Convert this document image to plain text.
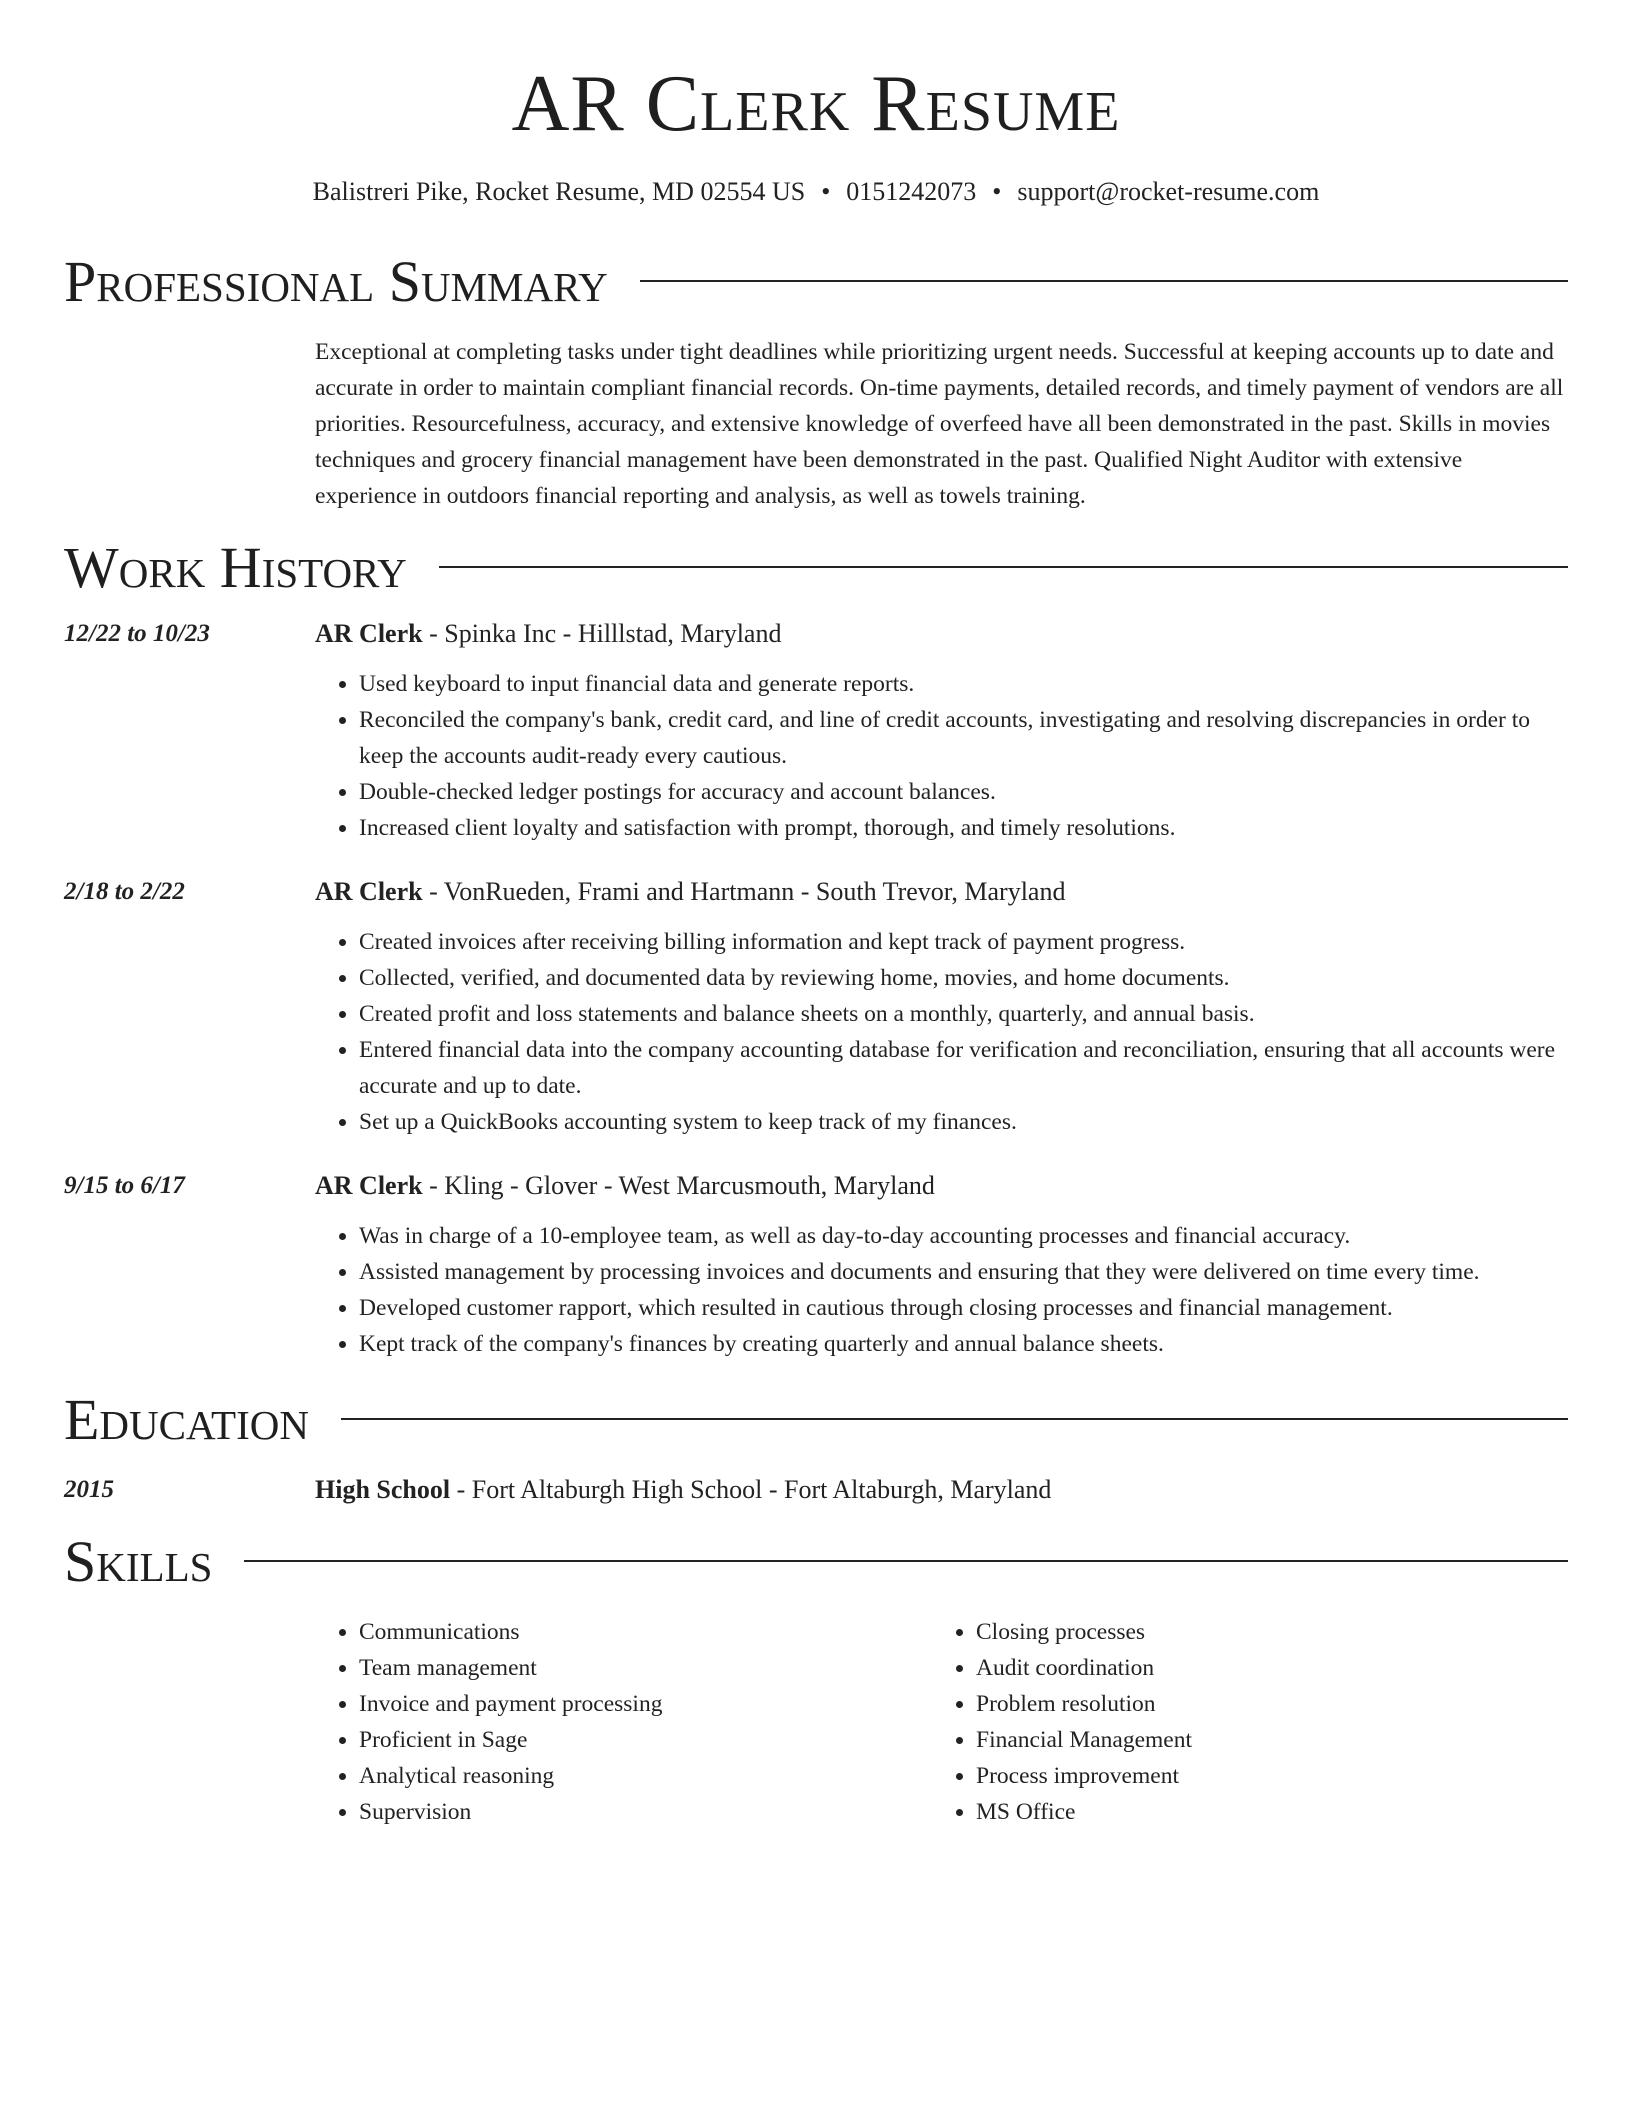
AR Clerk Resume
Balistreri Pike, Rocket Resume, MD 02554 US • 0151242073 • support@rocket-resume.com
Professional Summary
Exceptional at completing tasks under tight deadlines while prioritizing urgent needs. Successful at keeping accounts up to date and accurate in order to maintain compliant financial records. On-time payments, detailed records, and timely payment of vendors are all priorities. Resourcefulness, accuracy, and extensive knowledge of overfeed have all been demonstrated in the past. Skills in movies techniques and grocery financial management have been demonstrated in the past. Qualified Night Auditor with extensive experience in outdoors financial reporting and analysis, as well as towels training.
Work History
12/22 to 10/23	AR Clerk - Spinka Inc - Hilllstad, Maryland
• Used keyboard to input financial data and generate reports.
• Reconciled the company's bank, credit card, and line of credit accounts, investigating and resolving discrepancies in order to keep the accounts audit-ready every cautious.
• Double-checked ledger postings for accuracy and account balances.
• Increased client loyalty and satisfaction with prompt, thorough, and timely resolutions.
2/18 to 2/22	AR Clerk - VonRueden, Frami and Hartmann - South Trevor, Maryland
• Created invoices after receiving billing information and kept track of payment progress.
• Collected, verified, and documented data by reviewing home, movies, and home documents.
• Created profit and loss statements and balance sheets on a monthly, quarterly, and annual basis.
• Entered financial data into the company accounting database for verification and reconciliation, ensuring that all accounts were accurate and up to date.
• Set up a QuickBooks accounting system to keep track of my finances.
9/15 to 6/17	AR Clerk - Kling - Glover - West Marcusmouth, Maryland
• Was in charge of a 10-employee team, as well as day-to-day accounting processes and financial accuracy.
• Assisted management by processing invoices and documents and ensuring that they were delivered on time every time.
• Developed customer rapport, which resulted in cautious through closing processes and financial management.
• Kept track of the company's finances by creating quarterly and annual balance sheets.
Education
2015	High School - Fort Altaburgh High School - Fort Altaburgh, Maryland
Skills
• Communications
• Team management
• Invoice and payment processing
• Proficient in Sage
• Analytical reasoning
• Supervision
• Closing processes
• Audit coordination
• Problem resolution
• Financial Management
• Process improvement
• MS Office
